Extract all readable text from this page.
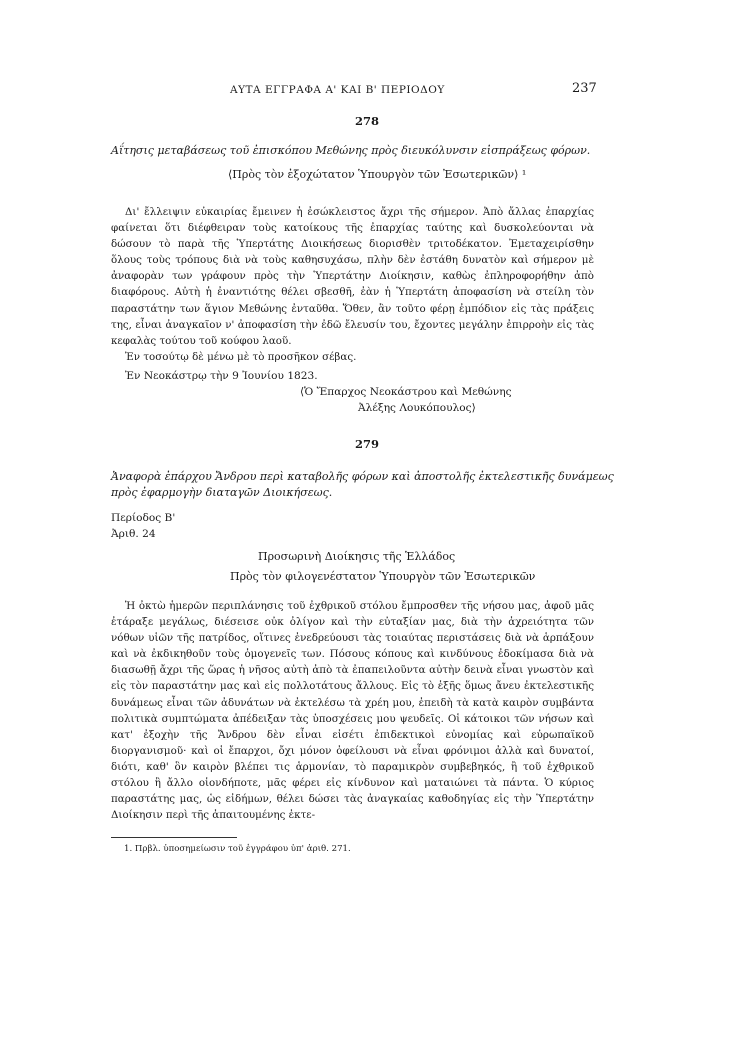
ΑΥΤΑ ΕΓΓΡΑΦΑ Α' ΚΑΙ Β' ΠΕΡΙΟΔΟΥ	237
278
Αΐτησις μεταβάσεως τοῦ ἐπισκόπου Μεθώνης πρὸς διευκόλυνσιν εἰσπράξεως φόρων.
⟨Πρὸς τὸν ἐξοχώτατον Ὑπουργὸν τῶν Ἐσωτερικῶν⟩ ¹

Δι' ἔλλειψιν εὐκαιρίας ἔμεινεν ἡ ἐσώκλειστος ἄχρι τῆς σήμερον. Ἀπὸ ἄλλας ἐπαρχίας φαίνεται ὅτι διέφθειραν τοὺς κατοίκους τῆς ἐπαρχίας ταύτης καὶ δυσκολεύονται νὰ δώσουν τὸ παρὰ τῆς Ὑπερτάτης Διοικήσεως διορισθὲν τριτοδέκατον. Ἐμεταχειρίσθην ὅλους τοὺς τρόπους διὰ νὰ τοὺς καθησυχάσω, πλὴν δὲν ἐστάθη δυνατὸν καὶ σήμερον μὲ ἀναφορὰν των γράφουν πρὸς τὴν Ὑπερτάτην Διοίκησιν, καθὼς ἐπληροφορήθην ἀπὸ διαφόρους. Αὐτὴ ἡ ἐναντιότης θέλει σβεσθῆ, ἐὰν ἡ Ὑπερτάτη ἀποφασίση νὰ στείλη τὸν παραστάτην των ἅγιον Μεθώνης ἐνταῦθα. Ὅθεν, ἂν τοῦτο φέρῃ ἐμπόδιον εἰς τὰς πράξεις της, εἶναι ἀναγκαῖον ν' ἀποφασίση τὴν ἐδῶ ἔλευσίν του, ἔχοντες μεγάλην ἐπιρροὴν εἰς τὰς κεφαλὰς τούτου τοῦ κούφου λαοῦ.

Ἐν τοσούτῳ δὲ μένω μὲ τὸ προσῆκον σέβας.

Ἐν Νεοκάστρῳ τὴν 9 Ἰουνίου 1823.
⟨Ὁ Ἔπαρχος Νεοκάστρου καὶ Μεθώνης
Ἀλέξης Λουκόπουλος⟩
279
Ἀναφορὰ ἐπάρχου Ἄνδρου περὶ καταβολῆς φόρων καὶ ἀποστολῆς ἐκτελεστικῆς δυνάμεως
πρὸς ἐφαρμογὴν διαταγῶν Διοικήσεως.
Περίοδος Β'
Ἀριθ. 24
Προσωρινὴ Διοίκησις τῆς Ἑλλάδος
Πρὸς τὸν φιλογενέστατον Ὑπουργὸν τῶν Ἐσωτερικῶν

Ἡ ὀκτὼ ἡμερῶν περιπλάνησις τοῦ ἐχθρικοῦ στόλου ἔμπροσθεν τῆς νήσου μας, ἀφοῦ μᾶς ἐτάραξε μεγάλως, διέσεισε οὐκ ὀλίγον καὶ τὴν εὐταξίαν μας, διὰ τὴν ἀχρειότητα τῶν νόθων υἱῶν τῆς πατρίδος, οἵτινες ἐνεδρεύουσι τὰς τοιαύτας περιστάσεις διὰ νὰ ἁρπάξουν καὶ νὰ ἐκδικηθοῦν τοὺς ὁμογενεῖς των. Πόσους κόπους καὶ κινδύνους ἐδοκίμασα διὰ νὰ διασωθῇ ἄχρι τῆς ὥρας ἡ νῆσος αὐτὴ ἀπὸ τὰ ἐπαπειλοῦντα αὐτὴν δεινὰ εἶναι γνωστὸν καὶ εἰς τὸν παραστάτην μας καὶ εἰς πολλοτάτους ἄλλους. Εἰς τὸ ἑξῆς ὅμως ἄνευ ἐκτελεστικῆς δυνάμεως εἶναι τῶν ἀδυνάτων νὰ ἐκτελέσω τὰ χρέη μου, ἐπειδὴ τὰ κατὰ καιρὸν συμβάντα πολιτικὰ συμπτώματα ἀπέδειξαν τὰς ὑποσχέσεις μου ψευδεῖς. Οἱ κάτοικοι τῶν νήσων καὶ κατ' ἐξοχὴν τῆς Ἄνδρου δὲν εἶναι εἰσέτι ἐπιδεκτικοὶ εὐνομίας καὶ εὐρωπαϊκοῦ διοργανισμοῦ· καὶ οἱ ἔπαρχοι, ὄχι μόνον ὀφείλουσι νὰ εἶναι φρόνιμοι ἀλλὰ καὶ δυνατοί, διότι, καθ' ὃν καιρὸν βλέπει τις ἁρμονίαν, τὸ παραμικρὸν συμβεβηκός, ἢ τοῦ ἐχθρικοῦ στόλου ἢ ἄλλο οἱονδήποτε, μᾶς φέρει εἰς κίνδυνον καὶ ματαιώνει τὰ πάντα. Ὁ κύριος παραστάτης μας, ὡς εἰδήμων, θέλει δώσει τὰς ἀναγκαίας καθοδηγίας εἰς τὴν Ὑπερτάτην Διοίκησιν περὶ τῆς ἀπαιτουμένης ἐκτε-

1. Πρβλ. ὑποσημείωσιν τοῦ ἐγγράφου ὑπ' ἀριθ. 271.
